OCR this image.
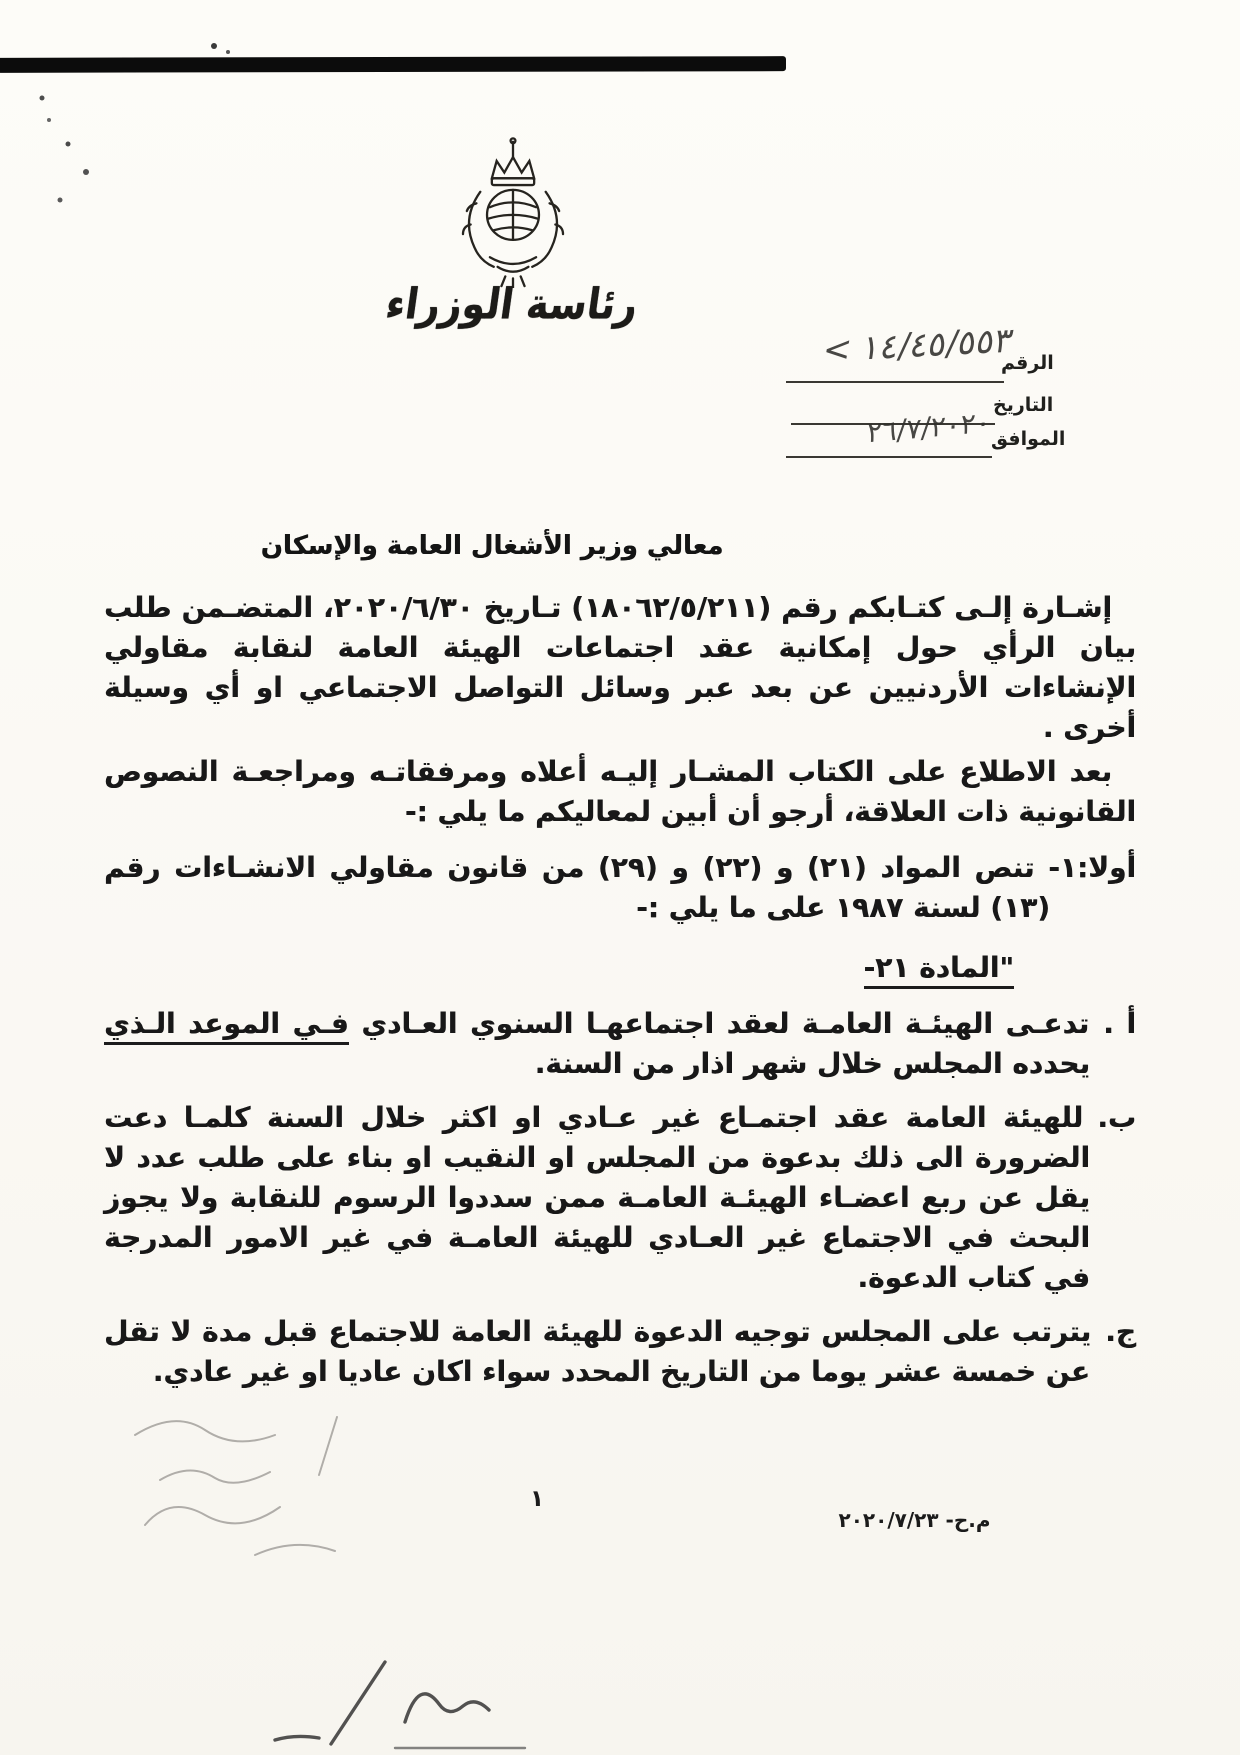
رئاسة الوزراء
الرقم
١٤/٤٥/٥٥٣ >
التاريخ
الموافق
٢٦/٧/٢٠٢٠
معالي وزير الأشغال العامة والإسكان
إشـارة إلـى كتـابكم رقم (١٨٠٦٢/٥/٢١١) تـاريخ ٢٠٢٠/٦/٣٠، المتضـمن طلب بيان الرأي حول إمكانية عقد اجتماعات الهيئة العامة لنقابة مقاولي الإنشاءات الأردنيين عن بعد عبر وسائل التواصل الاجتماعي او أي وسيلة أخرى .
بعد الاطلاع على الكتاب المشـار إليـه أعلاه ومرفقاتـه ومراجعـة النصوص القانونية ذات العلاقة، أرجو أن أبين لمعاليكم ما يلي :-
أولا:١- تنص المواد (٢١) و (٢٢) و (٢٩) من قانون مقاولي الانشـاءات رقم (١٣) لسنة ١٩٨٧ على ما يلي :-
"المادة ٢١-
أ .تدعـى الهيئـة العامـة لعقد اجتماعهـا السنوي العـادي فـي الموعد الـذي يحدده المجلس خلال شهر اذار من السنة.
ب.للهيئة العامة عقد اجتمـاع غير عـادي او اكثر خلال السنة كلمـا دعت الضرورة الى ذلك بدعوة من المجلس او النقيب او بناء على طلب عدد لا يقل عن ربع اعضـاء الهيئـة العامـة ممن سددوا الرسوم للنقابة ولا يجوز البحث في الاجتماع غير العـادي للهيئة العامـة في غير الامور المدرجة في كتاب الدعوة.
ج.يترتب على المجلس توجيه الدعوة للهيئة العامة للاجتماع قبل مدة لا تقل عن خمسة عشر يوما من التاريخ المحدد سواء اكان عاديا او غير عادي.
١
م.ح- ٢٠٢٠/٧/٢٣
